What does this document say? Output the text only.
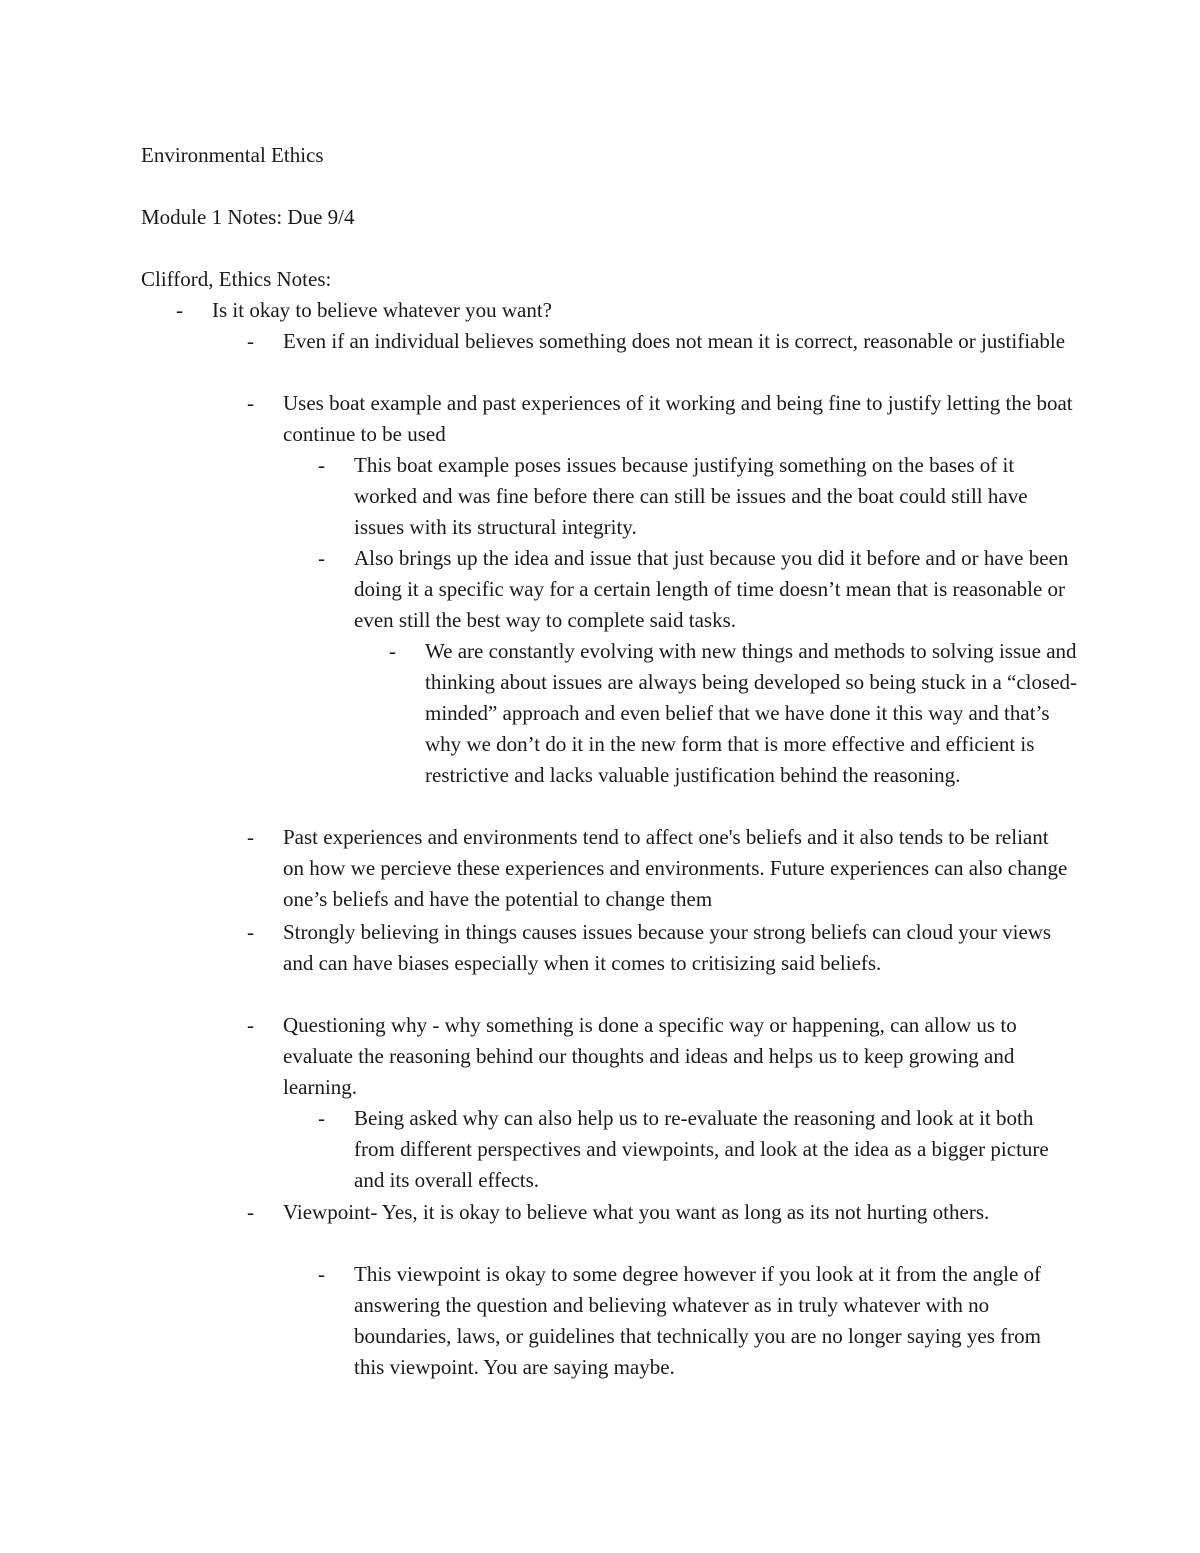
Environmental Ethics
Module 1 Notes: Due 9/4
Clifford, Ethics Notes:
-	Is it okay to believe whatever you want?
-	Even if an individual believes something does not mean it is correct, reasonable or justifiable
-	Uses boat example and past experiences of it working and being fine to justify letting the boat continue to be used
-	This boat example poses issues because justifying something on the bases of it worked and was fine before there can still be issues and the boat could still have issues with its structural integrity.
-	Also brings up the idea and issue that just because you did it before and or have been doing it a specific way for a certain length of time doesn’t mean that is reasonable or even still the best way to complete said tasks.
-	We are constantly evolving with new things and methods to solving issue and thinking about issues are always being developed so being stuck in a “closed-minded” approach and even belief that we have done it this way and that’s why we don’t do it in the new form that is more effective and efficient is restrictive and lacks valuable justification behind the reasoning.
-	Past experiences and environments tend to affect one's beliefs and it also tends to be reliant on how we percieve these experiences and environments. Future experiences can also change one’s beliefs and have the potential to change them
-	Strongly believing in things causes issues because your strong beliefs can cloud your views and can have biases especially when it comes to critisizing said beliefs.
-	Questioning why - why something is done a specific way or happening, can allow us to evaluate the reasoning behind our thoughts and ideas and helps us to keep growing and learning.
-	Being asked why can also help us to re-evaluate the reasoning and look at it both from different perspectives and viewpoints, and look at the idea as a bigger picture and its overall effects.
-	Viewpoint- Yes, it is okay to believe what you want as long as its not hurting others.
-	This viewpoint is okay to some degree however if you look at it from the angle of answering the question and believing whatever as in truly whatever with no boundaries, laws, or guidelines that technically you are no longer saying yes from this viewpoint. You are saying maybe.
